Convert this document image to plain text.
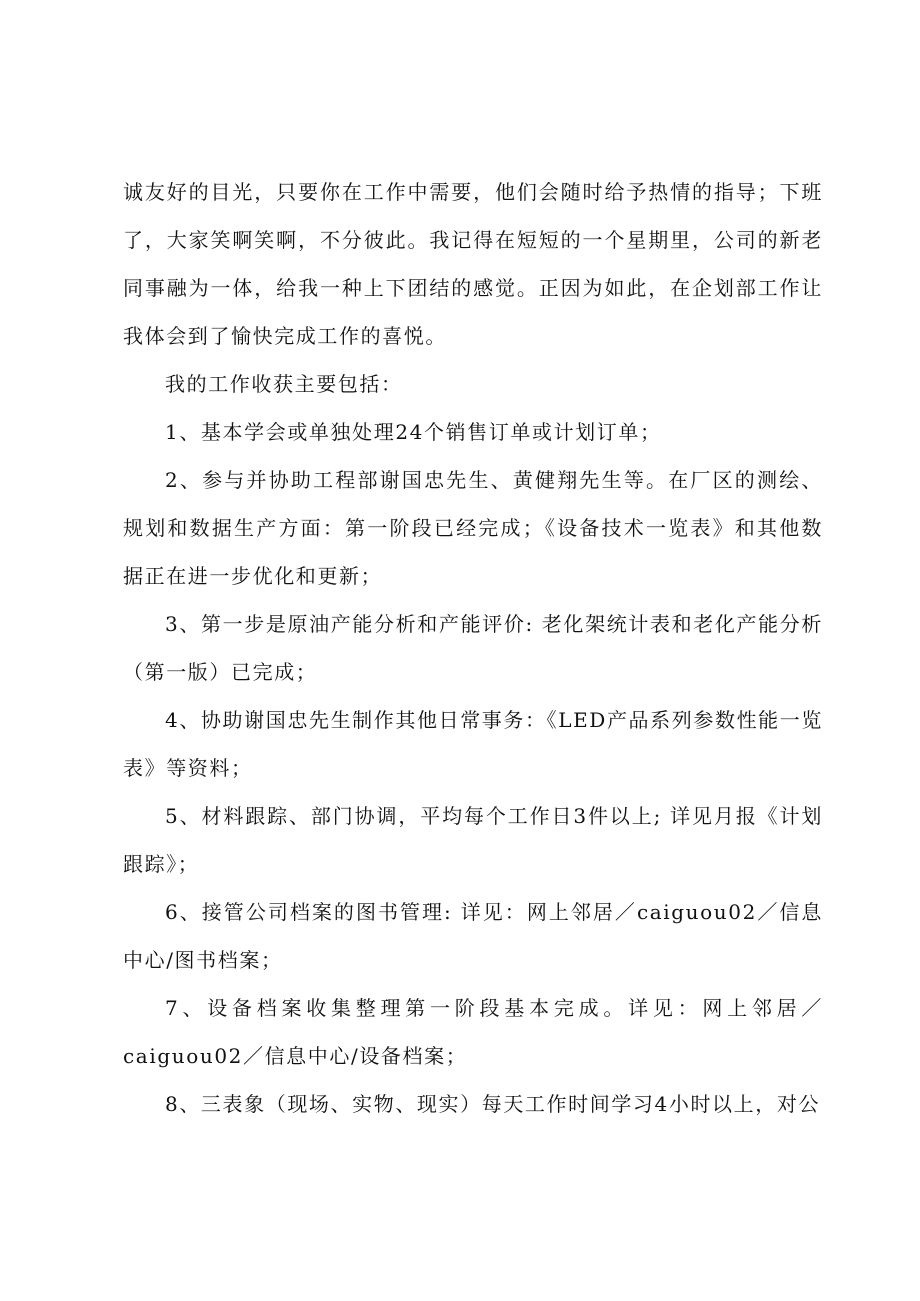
诚友好的目光，只要你在工作中需要，他们会随时给予热情的指导；下班了，大家笑啊笑啊，不分彼此。我记得在短短的一个星期里，公司的新老同事融为一体，给我一种上下团结的感觉。正因为如此，在企划部工作让我体会到了愉快完成工作的喜悦。

我的工作收获主要包括：

1、基本学会或单独处理24个销售订单或计划订单；

2、参与并协助工程部谢国忠先生、黄健翔先生等。在厂区的测绘、规划和数据生产方面：第一阶段已经完成；《设备技术一览表》和其他数据正在进一步优化和更新；

3、第一步是原油产能分析和产能评价: 老化架统计表和老化产能分析（第一版）已完成；

4、协助谢国忠先生制作其他日常事务：《LED产品系列参数性能一览表》等资料；

5、材料跟踪、部门协调，平均每个工作日3件以上; 详见月报《计划跟踪》；

6、接管公司档案的图书管理: 详见：网上邻居／caiguou02／信息中心/图书档案；

7、设备档案收集整理第一阶段基本完成。详见：网上邻居／caiguou02／信息中心/设备档案；

8、三表象（现场、实物、现实）每天工作时间学习4小时以上，对公
